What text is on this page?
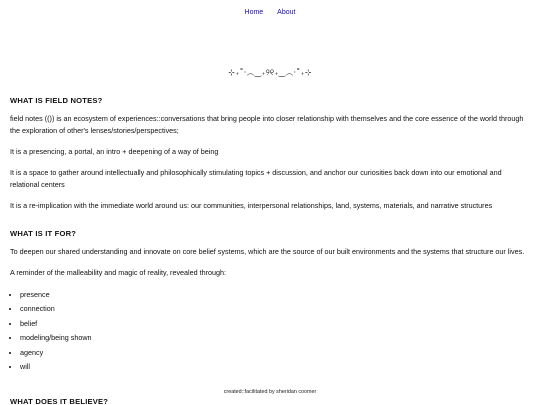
Home About
⊹₊˚‧︵‿₊୨୧₊‿︵‧˚₊⊹
WHAT IS FIELD NOTES?

field notes (()) is an ecosystem of experiences::conversations that bring people into closer relationship with themselves and the core essence of the world through the exploration of other's lenses/stories/perspectives;

It is a presencing, a portal, an intro + deepening of a way of being

It is a space to gather around intellectually and philosophically stimulating topics + discussion, and anchor our curiosities back down into our emotional and relational centers

It is a re-implication with the immediate world around us: our communities, interpersonal relationships, land, systems, materials, and narrative structures

WHAT IS IT FOR?

To deepen our shared understanding and innovate on core belief systems, which are the source of our built environments and the systems that structure our lives.

A reminder of the malleability and magic of reality, revealed through:

• presence
• connection
• belief
• modeling/being shown
• agency
• will
created::facilitated by sheridan coomer
WHAT DOES IT BELIEVE?
